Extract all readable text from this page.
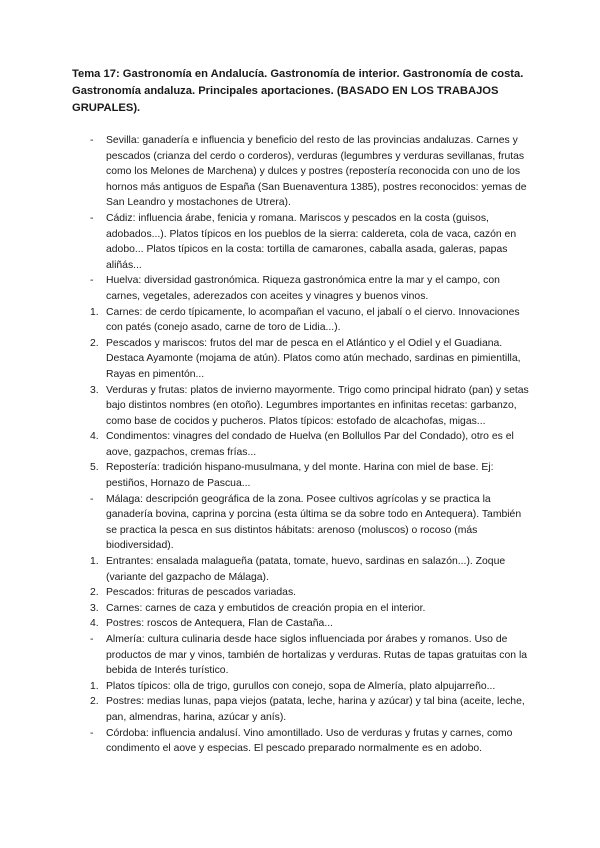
Tema 17: Gastronomía en Andalucía. Gastronomía de interior. Gastronomía de costa. Gastronomía andaluza. Principales aportaciones. (BASADO EN LOS TRABAJOS GRUPALES).

-	Sevilla: ganadería e influencia y beneficio del resto de las provincias andaluzas. Carnes y pescados (crianza del cerdo o corderos), verduras (legumbres y verduras sevillanas, frutas como los Melones de Marchena) y dulces y postres (repostería reconocida con uno de los hornos más antiguos de España (San Buenaventura 1385), postres reconocidos: yemas de San Leandro y mostachones de Utrera).
-	Cádiz: influencia árabe, fenicia y romana. Mariscos y pescados en la costa (guisos, adobados...). Platos típicos en los pueblos de la sierra: caldereta, cola de vaca, cazón en adobo... Platos típicos en la costa: tortilla de camarones, caballa asada, galeras, papas aliñás...
-	Huelva: diversidad gastronómica. Riqueza gastronómica entre la mar y el campo, con carnes, vegetales, aderezados con aceites y vinagres y buenos vinos.
1. Carnes: de cerdo típicamente, lo acompañan el vacuno, el jabalí o el ciervo. Innovaciones con patés (conejo asado, carne de toro de Lidia...).
2. Pescados y mariscos: frutos del mar de pesca en el Atlántico y el Odiel y el Guadiana. Destaca Ayamonte (mojama de atún). Platos como atún mechado, sardinas en pimientilla, Rayas en pimentón...
3. Verduras y frutas: platos de invierno mayormente. Trigo como principal hidrato (pan) y setas bajo distintos nombres (en otoño). Legumbres importantes en infinitas recetas: garbanzo, como base de cocidos y pucheros. Platos típicos: estofado de alcachofas, migas...
4. Condimentos: vinagres del condado de Huelva (en Bollullos Par del Condado), otro es el aove, gazpachos, cremas frías...
5. Repostería: tradición hispano-musulmana, y del monte. Harina con miel de base. Ej: pestiños, Hornazo de Pascua...
-	Málaga: descripción geográfica de la zona. Posee cultivos agrícolas y se practica la ganadería bovina, caprina y porcina (esta última se da sobre todo en Antequera). También se practica la pesca en sus distintos hábitats: arenoso (moluscos) o rocoso (más biodiversidad).
1. Entrantes: ensalada malagueña (patata, tomate, huevo, sardinas en salazón...). Zoque (variante del gazpacho de Málaga).
2. Pescados: frituras de pescados variadas.
3. Carnes: carnes de caza y embutidos de creación propia en el interior.
4. Postres: roscos de Antequera, Flan de Castaña...
-	Almería: cultura culinaria desde hace siglos influenciada por árabes y romanos. Uso de productos de mar y vinos, también de hortalizas y verduras. Rutas de tapas gratuitas con la bebida de Interés turístico.
1. Platos típicos: olla de trigo, gurullos con conejo, sopa de Almería, plato alpujarreño...
2. Postres: medias lunas, papa viejos (patata, leche, harina y azúcar) y tal bina (aceite, leche, pan, almendras, harina, azúcar y anís).
-	Córdoba: influencia andalusí. Vino amontillado. Uso de verduras y frutas y carnes, como condimento el aove y especias. El pescado preparado normalmente es en adobo.
